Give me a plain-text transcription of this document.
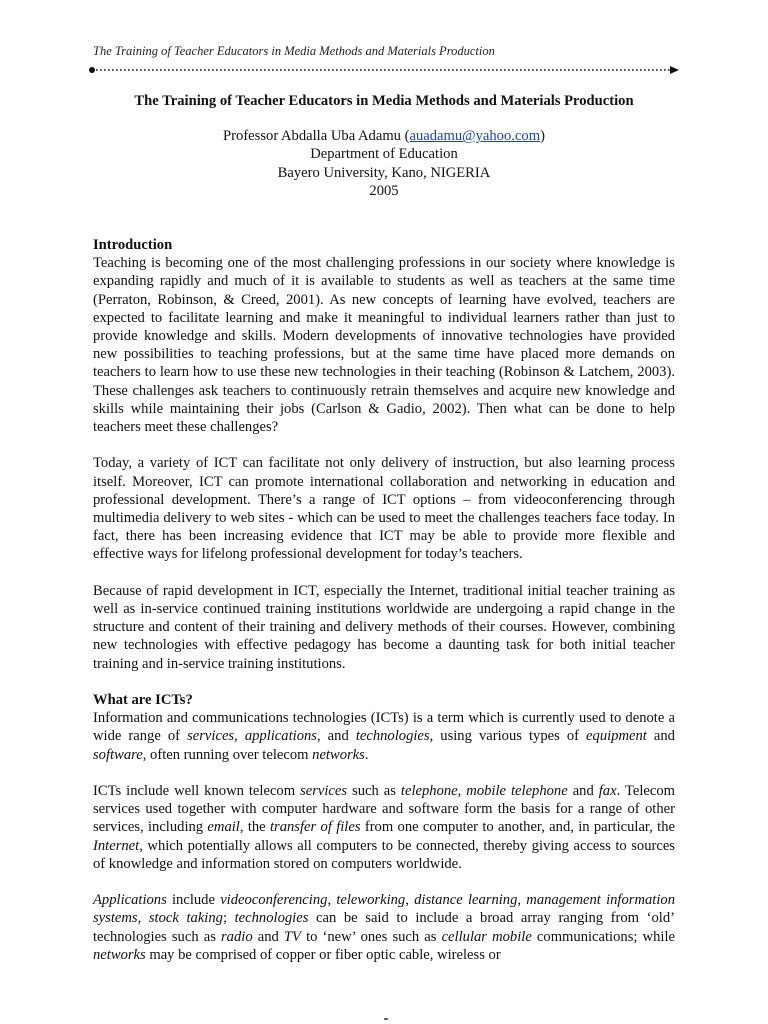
The Training of Teacher Educators in Media Methods and Materials Production
The Training of Teacher Educators in Media Methods and Materials Production
Professor Abdalla Uba Adamu (auadamu@yahoo.com)
Department of Education
Bayero University, Kano, NIGERIA
2005
Introduction

Teaching is becoming one of the most challenging professions in our society where knowledge is expanding rapidly and much of it is available to students as well as teachers at the same time (Perraton, Robinson, & Creed, 2001). As new concepts of learning have evolved, teachers are expected to facilitate learning and make it meaningful to individual learners rather than just to provide knowledge and skills. Modern developments of innovative technologies have provided new possibilities to teaching professions, but at the same time have placed more demands on teachers to learn how to use these new technologies in their teaching (Robinson & Latchem, 2003). These challenges ask teachers to continuously retrain themselves and acquire new knowledge and skills while maintaining their jobs (Carlson & Gadio, 2002). Then what can be done to help teachers meet these challenges?

Today, a variety of ICT can facilitate not only delivery of instruction, but also learning process itself. Moreover, ICT can promote international collaboration and networking in education and professional development. There’s a range of ICT options – from videoconferencing through multimedia delivery to web sites - which can be used to meet the challenges teachers face today. In fact, there has been increasing evidence that ICT may be able to provide more flexible and effective ways for lifelong professional development for today’s teachers.

Because of rapid development in ICT, especially the Internet, traditional initial teacher training as well as in-service continued training institutions worldwide are undergoing a rapid change in the structure and content of their training and delivery methods of their courses. However, combining new technologies with effective pedagogy has become a daunting task for both initial teacher training and in-service training institutions.

What are ICTs?

Information and communications technologies (ICTs) is a term which is currently used to denote a wide range of services, applications, and technologies, using various types of equipment and software, often running over telecom networks.

ICTs include well known telecom services such as telephone, mobile telephone and fax. Telecom services used together with computer hardware and software form the basis for a range of other services, including email, the transfer of files from one computer to another, and, in particular, the Internet, which potentially allows all computers to be connected, thereby giving access to sources of knowledge and information stored on computers worldwide.

Applications include videoconferencing, teleworking, distance learning, management information systems, stock taking; technologies can be said to include a broad array ranging from ‘old’ technologies such as radio and TV to ‘new’ ones such as cellular mobile communications; while networks may be comprised of copper or fiber optic cable, wireless or
